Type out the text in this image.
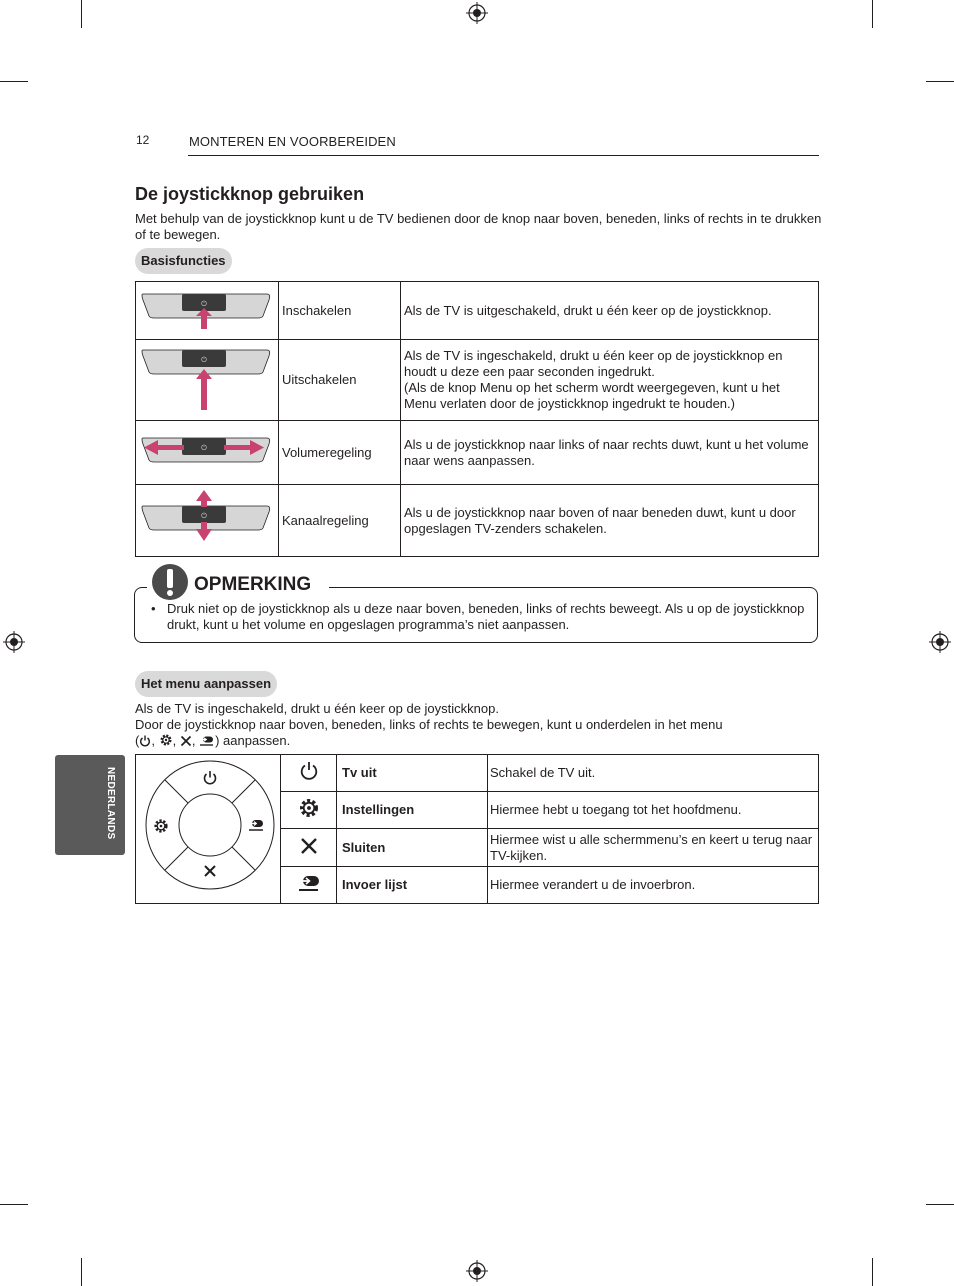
12	MONTEREN EN VOORBEREIDEN
De joystickknop gebruiken
Met behulp van de joystickknop kunt u de TV bedienen door de knop naar boven, beneden, links of rechts in te drukken of te bewegen.
Basisfuncties
⏻	Inschakelen	Als de TV is uitgeschakeld, drukt u één keer op de joystickknop.

⏻	Uitschakelen	Als de TV is ingeschakeld, drukt u één keer op de joystickknop en houdt u deze een paar seconden ingedrukt.
(Als de knop Menu op het scherm wordt weergegeven, kunt u het Menu verlaten door de joystickknop ingedrukt te houden.)

⏻	Volumeregeling	Als u de joystickknop naar links of naar rechts duwt, kunt u het volume naar wens aanpassen.

⏻	Kanaalregeling	Als u de joystickknop naar boven of naar beneden duwt, kunt u door opgeslagen TV-zenders schakelen.
OPMERKING
• Druk niet op de joystickknop als u deze naar boven, beneden, links of rechts beweegt. Als u op de joystickknop drukt, kunt u het volume en opgeslagen programma’s niet aanpassen.
Het menu aanpassen
Als de TV is ingeschakeld, drukt u één keer op de joystickknop.
Door de joystickknop naar boven, beneden, links of rechts te bewegen, kunt u onderdelen in het menu
( , , , ) aanpassen.
		Tv uit	Schakel de TV uit.
	Instellingen	Hiermee hebt u toegang tot het hoofdmenu.
	Sluiten	Hiermee wist u alle schermmenu’s en keert u terug naar TV-kijken.
	Invoer lijst	Hiermee verandert u de invoerbron.
NEDERLANDS
